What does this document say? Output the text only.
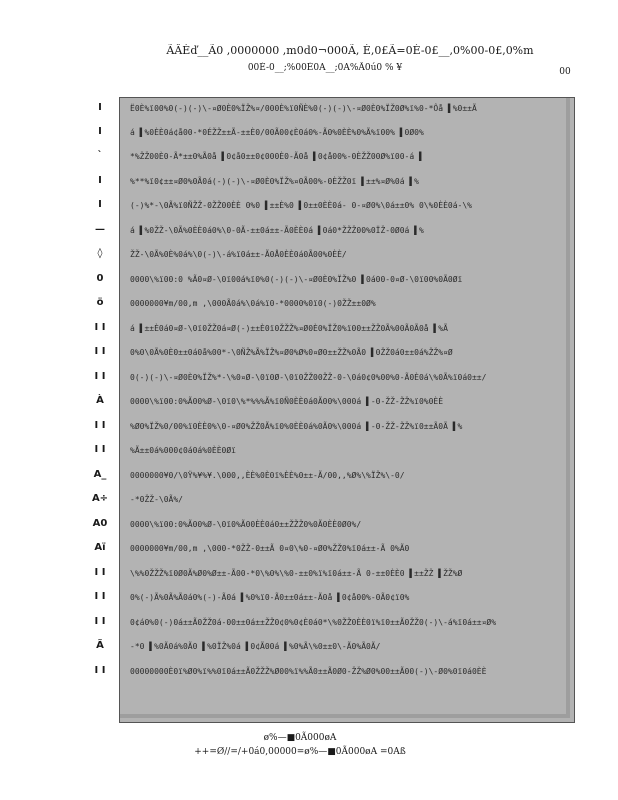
ÃÂÈď__Ã0 ,0000000 ,m0d0¬000Ã, È,0£Ã=0È-0£__,0%00-0£,0%m
00È-0__;%00È0A__;0A%Ã0ú0 % ¥	00
I
I
`
I
I
—
◊
0
ö
I I
I I
I I
À
I I
I I
A_
A÷
A0
Aï
I I
I I
I I
Ã
I I
Ë0È%ï00%0(-)(-)\-¤Ø0È0%ÏŽ%¤/000È%ï0ÑÈ%0(-)(-)\-¤Ø0È0%ÏŽ0Ø%ï%0-*Ôå ▌%0±±Ã
á ▌%0ÈÈ0á¢å00-*0ÉŽŽ±±Ã-±±È0/00Ã00¢È0á0%-Ã0%0ÈÈ%0%Ã%ï00% ▌0Ø0%
*%ŽŽ00È0-Ã*±±0%Ã0å ▌0¢å0±±0¢000È0-Ã0å ▌0¢å00%-0ÈŽŽ00Ø%ï00-á ▌
%**%ï0¢±±¤Ø0%0Ã0á(-)(-)\-¤Ø0È0%ÏŽ%¤0Ã00%-0ÈŽŽ0ï ▌±±%¤Ø%0á ▌%
(-)%*-\0Ã%ï0ÑŽŽ-0ŽŽ00ÈÈ 0%0 ▌±±È%0 ▌0±±0ÈÈ0á- 0-¤Ø0%\0á±±0% 0\%0ÈÈ0á-\%
á ▌%0ŽŽ-\0Ã%0ÈÈ0á0%\0-0Ã-±±0á±±-Ã0ÈÈ0á ▌0á0*ŽŽŽ00%0ÏŽ-0Ø0á ▌%
ŽŽ-\0Ã%0È%0á%\0(-)\-á%ï0á±±-Ã0Å0ÈÈ0á0Ã00%0ÈÈ/
0000\%ï00:0 %Ã0¤Ø-\0ï00á%ï0%0(-)(-)\-¤Ø0È0%ÏŽ%0 ▌0á00-0¤Ø-\0ï00%0Ã0Øï
0000000¥m/00,m ,\000Ã0á%\0á%ï0-*0000%0ï0(-)0ŽŽ±±0Ø%
á ▌±±È0á0¤Ø-\0ï0ŽŽ0á¤Ø(-)±±È0ï0ŽŽŽ%¤Ø0È0%ÏŽ0%ï00±±ŽŽ0Ã%00Ã0Ã0å ▌%Ã
0%0\0Ã%0È0±±0á0å%00*-\0ÑŽ%Ã%ÏŽ%¤Ø0%Ø%0¤Ø0±±ŽŽ%0Ã0 ▌0ŽŽ0á0±±0á%ŽŽ%¤Ø
0(-)(-)\-¤Ø0È0%ÏŽ%*-\%0¤Ø-\0ï0Ø-\0ï0ŽŽ00ŽŽ-0-\0á0¢0%00%0-Ã0È0á\%0Ã%ï0á0±±/
0000\%ï00:0%Ã00%Ø-\0ï0\%*%%%Ã%ï0Ñ0ÈÈ0á0Ã00%\000á ▌-0-ŽŽ-ŽŽ%ï0%0ÈÈ
%Ø0%ÏŽ%0/00%ï0ÈÈ0%\0-¤Ø0%ŽŽ0Ã%ï0%0ÈÈ0á%0Ã0%\000á ▌-0-ŽŽ-ŽŽ%ï0±±Ã0Ã ▌%
%Ã±±0á%000¢0á0á%0ÈÈ0Øï
0000000¥0/\0Ÿ%¥%¥.\000,,ÈÈ%0È0ï%ÈÈ%0±±-Ã/00,,%Ø%\%ÏŽ%\-0/
-*0ŽŽ-\0Ã%/
0000\%ï00:0%Ã00%Ø-\0ï0%Ã00ÈÈ0á0±±ŽŽŽ0%0Ã0ÈÈ0Ø0%/
0000000¥m/00,m ,\000-*0ŽŽ-0±±Ã 0¤0\%0-¤Ø0%ŽŽ0%ï0á±±-Ã 0%Ã0
\%%0ŽŽŽ%ï0Ø0Ã%Ø0%Ø±±-Ã00-*0\%0%\%0-±±0%ï%ï0á±±-Ã 0-±±0ÈÈ0 ▌±±ŽŽ ▌ŽŽ%Ø
0%(-)Ã%0Ã%Ã0á0%(-)-Ã0á ▌%0%ï0-Ã0±±0á±±-Ã0å ▌0¢å00%-0Ã0¢ï0%
0¢á0%0(-)0á±±Ã0ŽŽ0á-00±±0á±±ŽŽ0¢0%0¢È0á0*\%0ŽŽ0ÈÈ0ï%ï0±±Ã0ŽŽ0(-)\-á%ï0á±±¤Ø%
-*0 ▌%0Ã0á%0Ã0 ▌%0ÏŽ%0á ▌0¢Ã00á ▌%0%Ã\%0±±0\-Ã0%Ã0Ã/
00000000È0ï%Ø0%ï%%0ï0á±±Ã0ŽŽŽ%Ø00%ï%%Ã0±±Ã0Ø0-ŽŽ%Ø0%00±±Ã00(-)\-Ø0%0ï0á0ÈÈ
ø%—■0Ã000øA
++=Ø//=/+0á0,00000=ø%—■0Ã000øA =0Aß
